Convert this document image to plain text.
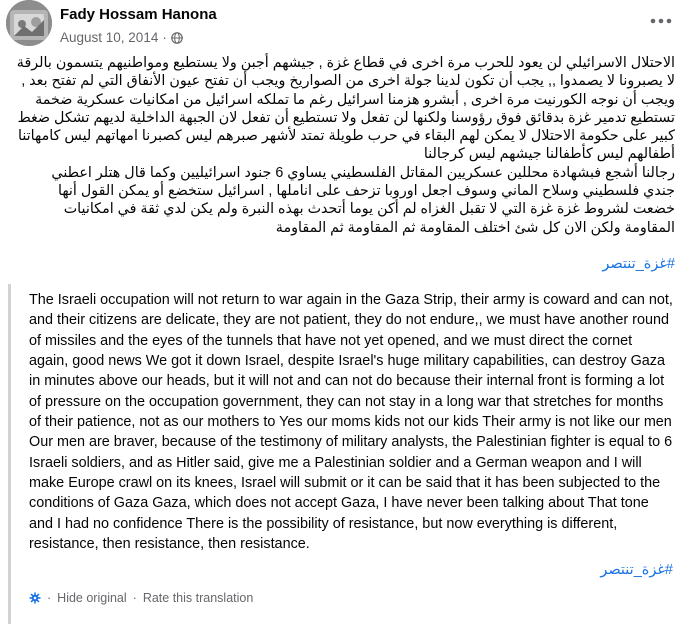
Fady Hossam Hanona
August 10, 2014 ·

الاحتلال الاسرائيلي لن يعود للحرب مرة اخرى في قطاع غزة , جيشهم أجبن ولا يستطيع ومواطنيهم يتسمون بالرقة لا يصبرونا لا يصمدوا ,, يجب أن تكون لدينا جولة اخرى من الصواريخ ويجب أن تفتح عيون الأنفاق التي لم تفتح بعد , ويجب أن نوجه الكورنيت مرة اخرى , أبشرو هزمنا اسرائيل رغم ما تملكه اسرائيل من امكانيات عسكرية ضخمة تستطيع تدمير غزة بدقائق فوق رؤوسنا ولكنها لن تفعل ولا تستطيع أن تفعل لان الجبهة الداخلية لديهم تشكل ضغط كبير على حكومة الاحتلال لا يمكن لهم البقاء في حرب طويلة تمتد لأشهر صبرهم ليس كصبرنا امهاتهم ليس كامهاتنا أطفالهم ليس كأطفالنا جيشهم ليس كرجالنا

رجالنا أشجع فبشهادة محللين عسكريين المقاتل الفلسطيني يساوي 6 جنود اسرائيليين وكما قال هتلر اعطني جندي فلسطيني وسلاح الماني وسوف اجعل اوروبا تزحف على اناملها , اسرائيل ستخضع أو يمكن القول أنها خضعت لشروط غزة غزة التي لا تقبل الغزاه لم أكن يوما أتحدث بهذه النبرة ولم يكن لدي ثقة في امكانيات المقاومة ولكن الان كل شئ اختلف المقاومة ثم المقاومة ثم المقاومة

#غزة_تنتصر

The Israeli occupation will not return to war again in the Gaza Strip, their army is coward and can not, and their citizens are delicate, they are not patient, they do not endure,, we must have another round of missiles and the eyes of the tunnels that have not yet opened, and we must direct the cornet again, good news We got it down Israel, despite Israel's huge military capabilities, can destroy Gaza in minutes above our heads, but it will not and can not do because their internal front is forming a lot of pressure on the occupation government, they can not stay in a long war that stretches for months of their patience, not as our mothers to Yes our moms kids not our kids Their army is not like our men

Our men are braver, because of the testimony of military analysts, the Palestinian fighter is equal to 6 Israeli soldiers, and as Hitler said, give me a Palestinian soldier and a German weapon and I will make Europe crawl on its knees, Israel will submit or it can be said that it has been subjected to the conditions of Gaza Gaza, which does not accept Gaza, I have never been talking about That tone and I had no confidence There is the possibility of resistance, but now everything is different, resistance, then resistance, then resistance.

#غزة_تنتصر
· Hide original · Rate this translation
